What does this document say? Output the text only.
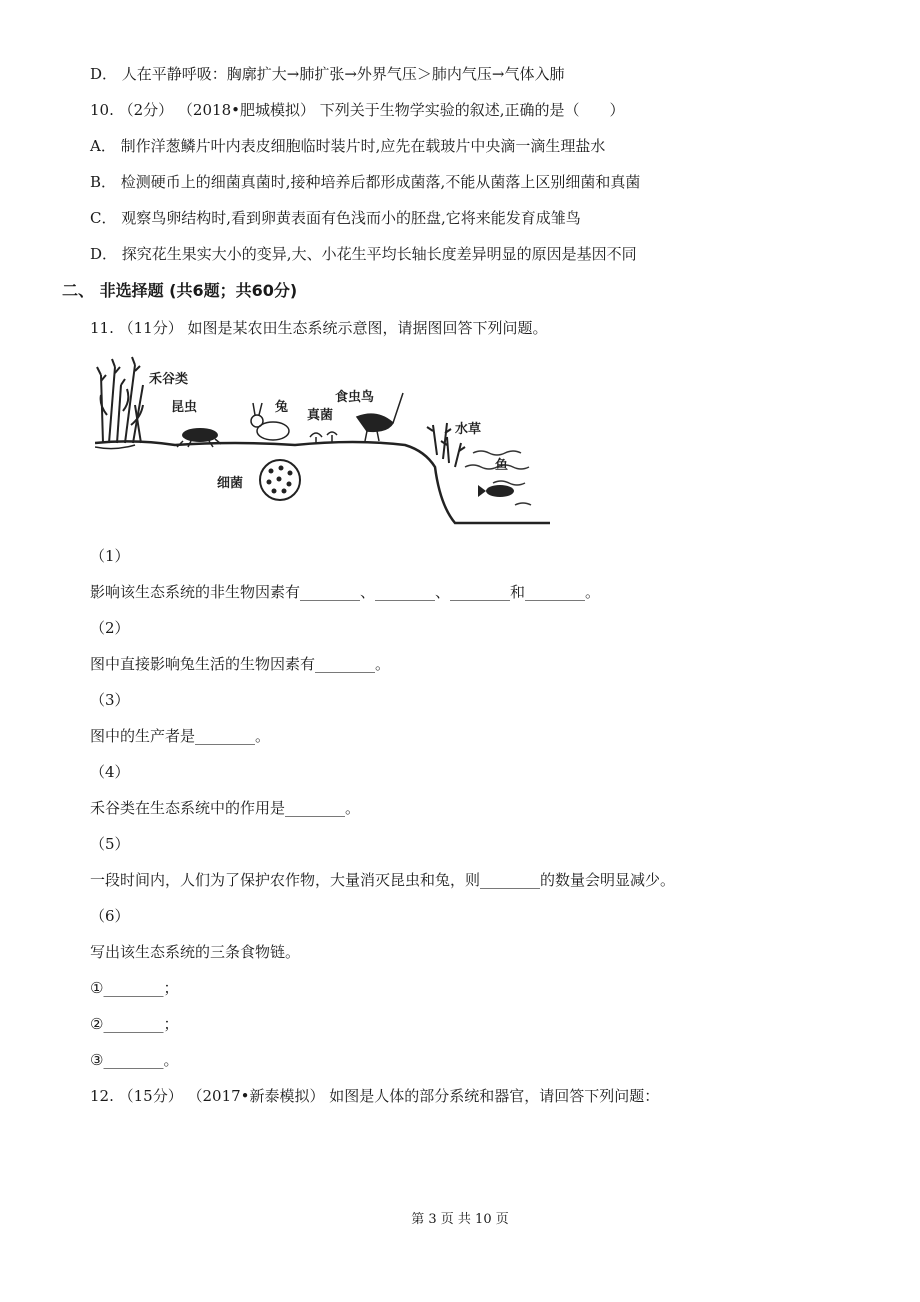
D． 人在平静呼吸：胸廓扩大→肺扩张→外界气压＞肺内气压→气体入肺
10. （2分） （2018•肥城模拟） 下列关于生物学实验的叙述,正确的是（　　）
A． 制作洋葱鳞片叶内表皮细胞临时装片时,应先在载玻片中央滴一滴生理盐水
B． 检测硬币上的细菌真菌时,接种培养后都形成菌落,不能从菌落上区别细菌和真菌
C． 观察鸟卵结构时,看到卵黄表面有色浅而小的胚盘,它将来能发育成雏鸟
D． 探究花生果实大小的变异,大、小花生平均长轴长度差异明显的原因是基因不同
二、 非选择题 (共6题；共60分)
11. （11分） 如图是某农田生态系统示意图，请据图回答下列问题。
禾谷类
昆虫	兔
真菌
食虫鸟
水草
鱼
细菌
（1）
影响该生态系统的非生物因素有________、________、________和________。
（2）
图中直接影响兔生活的生物因素有________。
（3）
图中的生产者是________。
（4）
禾谷类在生态系统中的作用是________。
（5）
一段时间内，人们为了保护农作物，大量消灭昆虫和兔，则________的数量会明显减少。
（6）
写出该生态系统的三条食物链。
①________；
②________；
③________。
12. （15分） （2017•新泰模拟） 如图是人体的部分系统和器官，请回答下列问题：
第 3 页 共 10 页
